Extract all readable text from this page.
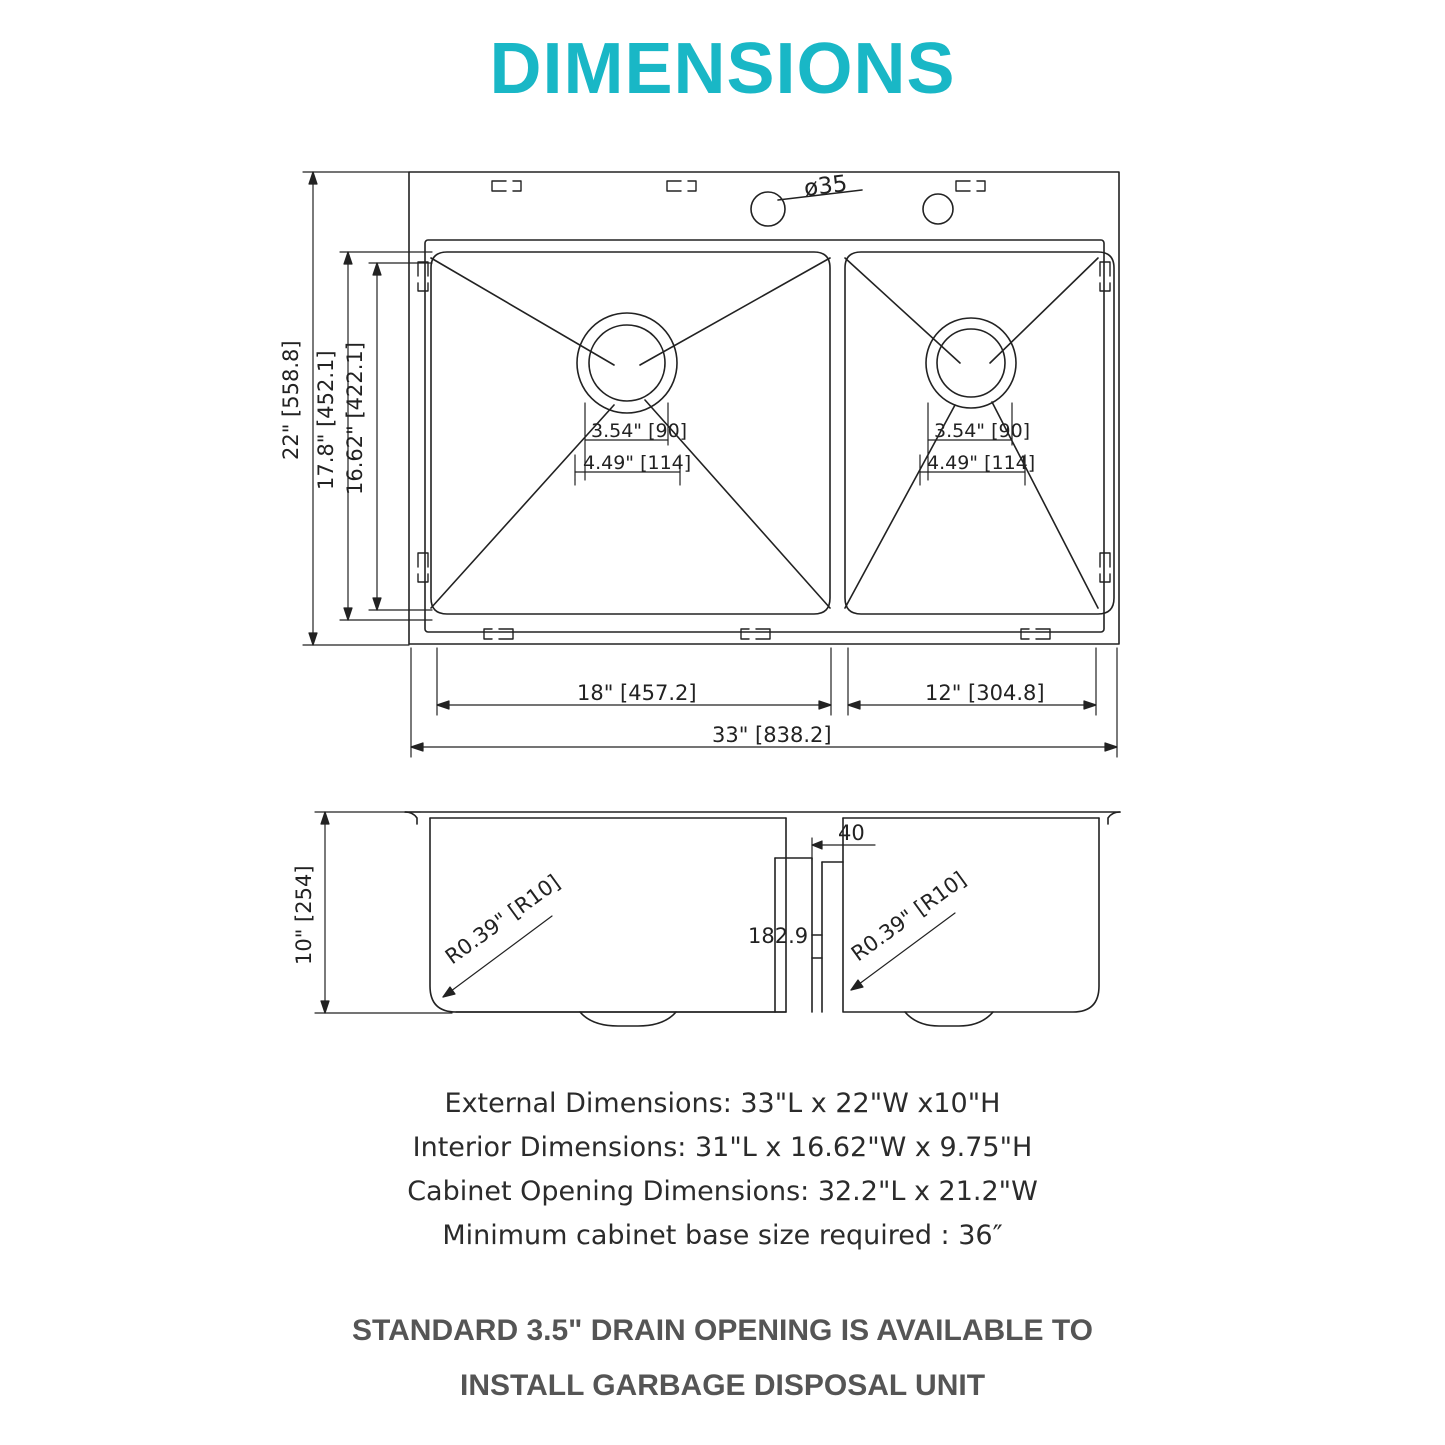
DIMENSIONS
ø35
3.54" [90]
4.49" [114]
3.54" [90]
4.49" [114]
22" [558.8] 17.8" [452.1] 16.62" [422.1]
18" [457.2]	12" [304.8]
33" [838.2]
40
182.9
R0.39" [R10]	R0.39" [R10]
10" [254]
External Dimensions: 33"L x 22"W x10"H
Interior Dimensions: 31"L x 16.62"W x 9.75"H
Cabinet Opening Dimensions: 32.2"L x 21.2"W
Minimum cabinet base size required : 36″
STANDARD 3.5" DRAIN OPENING IS AVAILABLE TO
INSTALL GARBAGE DISPOSAL UNIT
